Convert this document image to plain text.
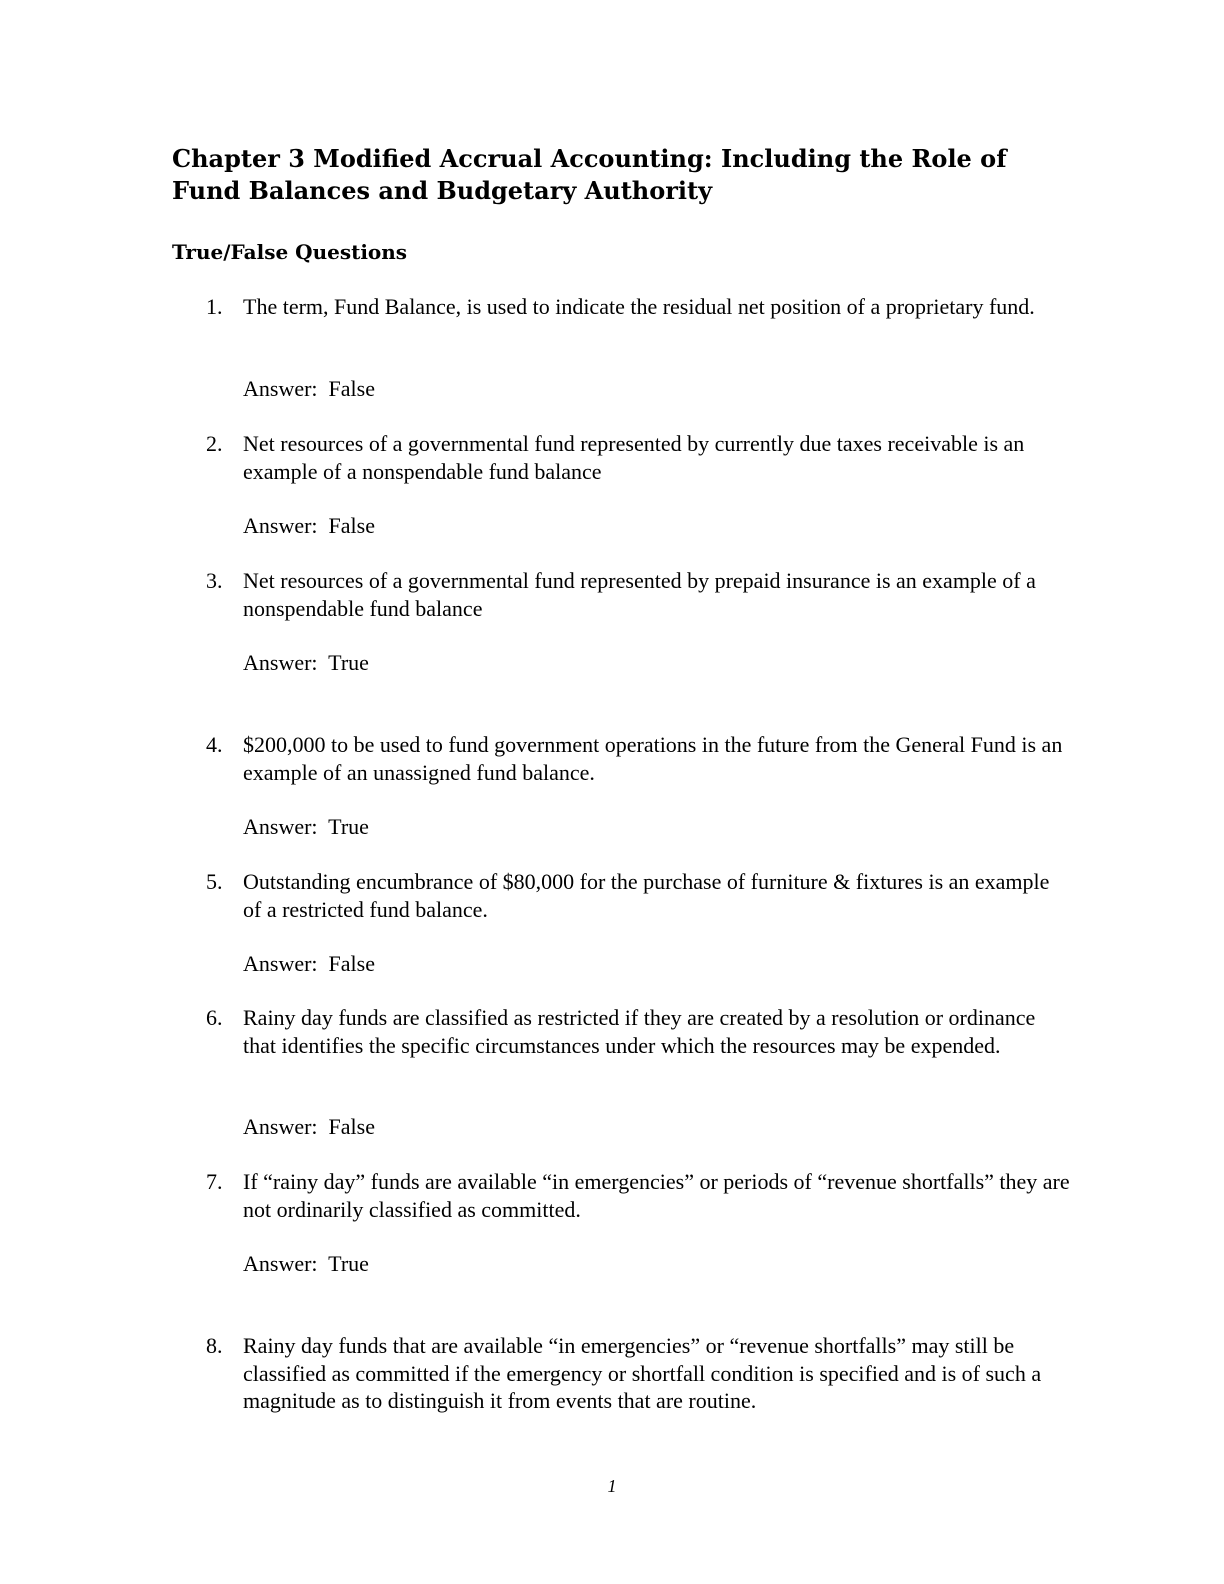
Chapter 3 Modified Accrual Accounting: Including the Role of Fund Balances and Budgetary Authority
True/False Questions
1. The term, Fund Balance, is used to indicate the residual net position of a proprietary fund.

Answer:  False

2. Net resources of a governmental fund represented by currently due taxes receivable is an example of a nonspendable fund balance

Answer:  False

3. Net resources of a governmental fund represented by prepaid insurance is an example of a nonspendable fund balance

Answer:  True

4. $200,000 to be used to fund government operations in the future from the General Fund is an example of an unassigned fund balance.

Answer:  True

5. Outstanding encumbrance of $80,000 for the purchase of furniture & fixtures is an example of a restricted fund balance.

Answer:  False

6. Rainy day funds are classified as restricted if they are created by a resolution or ordinance that identifies the specific circumstances under which the resources may be expended.

Answer:  False

7. If “rainy day” funds are available “in emergencies” or periods of “revenue shortfalls” they are not ordinarily classified as committed.

Answer:  True

8. Rainy day funds that are available “in emergencies” or “revenue shortfalls” may still be classified as committed if the emergency or shortfall condition is specified and is of such a magnitude as to distinguish it from events that are routine.

1
